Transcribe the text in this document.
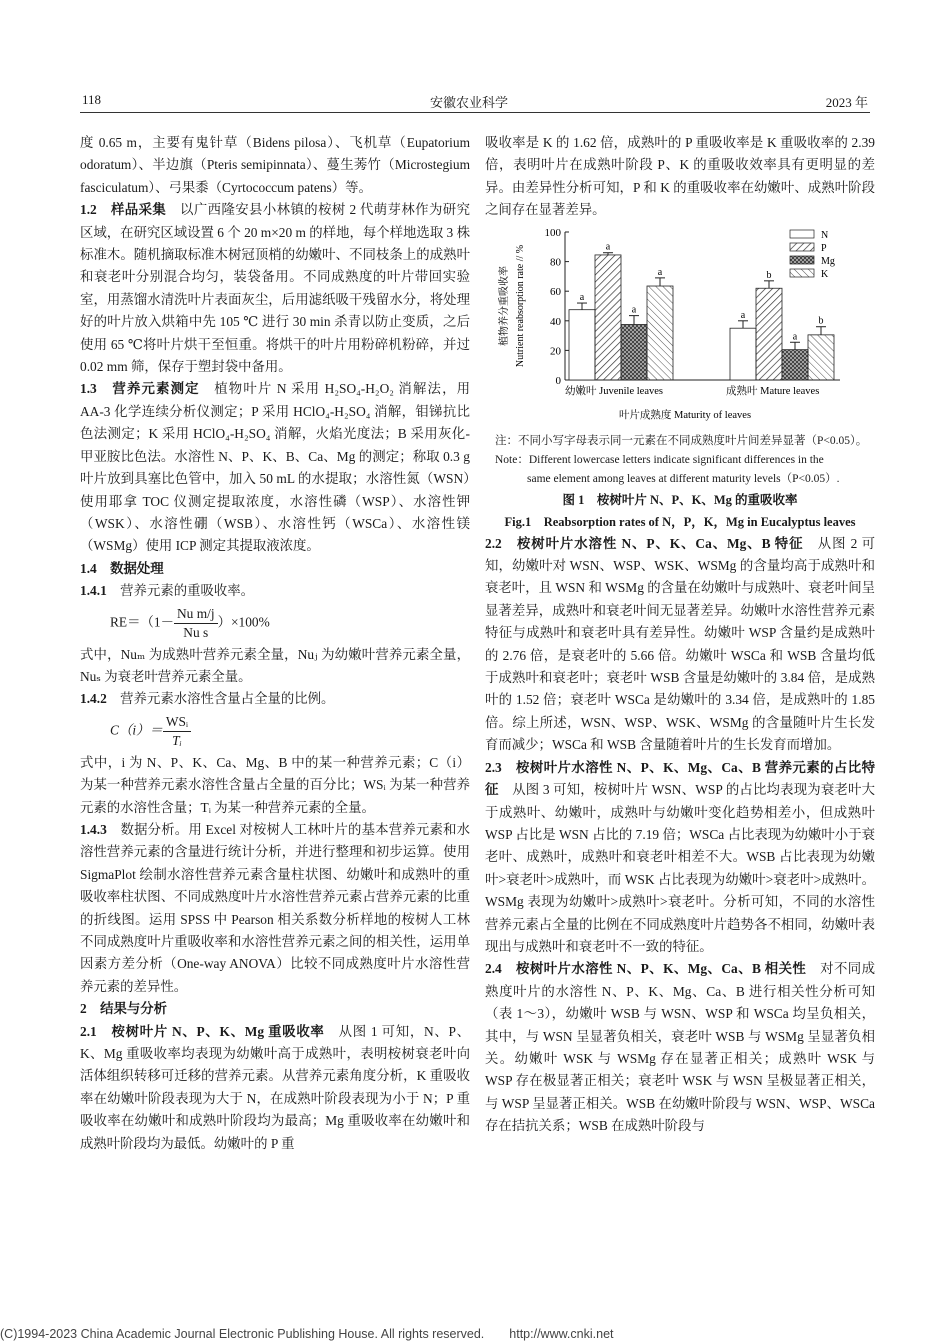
118	安徽农业科学	2023 年

度 0.65 m，主要有鬼针草（Bidens pilosa）、飞机草（Eupatorium odoratum）、半边旗（Pteris semipinnata）、蔓生莠竹（Microstegium fasciculatum）、弓果黍（Cyrtococcum patens）等。

1.2　样品采集　 以广西隆安县小林镇的桉树 2 代萌芽林作为研究区域，在研究区域设置 6 个 20 m×20 m 的样地，每个样地选取 3 株标准木。随机摘取标准木树冠顶梢的幼嫩叶、不同枝条上的成熟叶和衰老叶分别混合均匀，装袋备用。不同成熟度的叶片带回实验室，用蒸馏水清洗叶片表面灰尘，后用滤纸吸干残留水分，将处理好的叶片放入烘箱中先 105 ℃ 进行 30 min 杀青以防止变质，之后使用 65 ℃将叶片烘干至恒重。将烘干的叶片用粉碎机粉碎，并过 0.02 mm 筛，保存于塑封袋中备用。

1.3　营养元素测定　 植物叶片 N 采用 H₂SO₄-H₂O₂ 消解法，用 AA-3 化学连续分析仪测定；P 采用 HClO₄-H₂SO₄ 消解，钼锑抗比色法测定；K 采用 HClO₄-H₂SO₄ 消解，火焰光度法；B 采用灰化-甲亚胺比色法。水溶性 N、P、K、B、Ca、Mg 的测定；称取 0.3 g 叶片放到具塞比色管中，加入 50 mL 的水提取；水溶性氮（WSN）使用耶拿 TOC 仪测定提取浓度，水溶性磷（WSP）、水溶性钾（WSK）、水溶性硼（WSB）、水溶性钙（WSCa）、水溶性镁（WSMg）使用 ICP 测定其提取液浓度。

1.4　数据处理

1.4.1　 营养元素的重吸收率。

$RE=(1- \frac{\text{Nu m/j}}{\text{Nu s}} )\times 100\%$

式中，Nuₘ 为成熟叶营养元素全量，Nuⱼ 为幼嫩叶营养元素全量，Nuₛ 为衰老叶营养元素全量。

1.4.2　 营养元素水溶性含量占全量的比例。

$C(i)= \frac{\text{WSᵢ}}{\text{Tᵢ}}$

式中，i 为 N、P、K、Ca、Mg、B 中的某一种营养元素；C（i）为某一种营养元素水溶性含量占全量的百分比；WSᵢ 为某一种营养元素的水溶性含量；Tᵢ 为某一种营养元素的全量。

1.4.3　 数据分析。用 Excel 对桉树人工林叶片的基本营养元素和水溶性营养元素的含量进行统计分析，并进行整理和初步运算。使用 SigmaPlot 绘制水溶性营养元素含量柱状图、幼嫩叶和成熟叶的重吸收率柱状图、不同成熟度叶片水溶性营养元素占营养元素的比重的折线图。运用 SPSS 中 Pearson 相关系数分析样地的桉树人工林不同成熟度叶片重吸收率和水溶性营养元素之间的相关性，运用单因素方差分析（One-way ANOVA）比较不同成熟度叶片水溶性营养元素的差异性。

2　结果与分析

2.1　桉树叶片 N、P、K、Mg 重吸收率　 从图 1 可知，N、P、K、Mg 重吸收率均表现为幼嫩叶高于成熟叶，表明桉树衰老叶向活体组织转移可迁移的营养元素。从营养元素角度分析，K 重吸收率在幼嫩叶阶段表现为大于 N，在成熟叶阶段表现为小于 N；P 重吸收率在幼嫩叶和成熟叶阶段均为最高；Mg 重吸收率在幼嫩叶和成熟叶阶段均为最低。幼嫩叶的 P 重

吸收率是 K 的 1.62 倍，成熟叶的 P 重吸收率是 K 重吸收率的 2.39 倍，表明叶片在成熟叶阶段 P、K 的重吸收效率具有更明显的差异。由差异性分析可知，P 和 K 的重吸收率在幼嫩叶、成熟叶阶段之间存在显著差异。

0
20
40
60
80
100
a
a
a
b
a
a
a
b
幼嫩叶 Juvenile leaves	成熟叶 Mature leaves
叶片成熟度 Maturity of leaves
植物养分重吸收率 Nutrient reabsorption rate // %
N
P
Mg
K
注：不同小写字母表示同一元素在不同成熟度叶片间差异显著（P<0.05）。
Note：Different lowercase letters indicate significant differences in the
same element among leaves at different maturity levels（P<0.05）.
图 1　桉树叶片 N、P、K、Mg 的重吸收率
Fig.1　Reabsorption rates of N，P，K，Mg in Eucalyptus leaves

2.2　桉树叶片水溶性 N、P、K、Ca、Mg、B 特征　 从图 2 可知，幼嫩叶对 WSN、WSP、WSK、WSMg 的含量均高于成熟叶和衰老叶，且 WSN 和 WSMg 的含量在幼嫩叶与成熟叶、衰老叶间呈显著差异，成熟叶和衰老叶间无显著差异。幼嫩叶水溶性营养元素特征与成熟叶和衰老叶具有差异性。幼嫩叶 WSP 含量约是成熟叶的 2.76 倍，是衰老叶的 5.66 倍。幼嫩叶 WSCa 和 WSB 含量均低于成熟叶和衰老叶；衰老叶 WSB 含量是幼嫩叶的 3.84 倍，是成熟叶的 1.52 倍；衰老叶 WSCa 是幼嫩叶的 3.34 倍，是成熟叶的 1.85 倍。综上所述，WSN、WSP、WSK、WSMg 的含量随叶片生长发育而减少；WSCa 和 WSB 含量随着叶片的生长发育而增加。

2.3　桉树叶片水溶性 N、P、K、Mg、Ca、B 营养元素的占比特征　 从图 3 可知，桉树叶片 WSN、WSP 的占比均表现为衰老叶大于成熟叶、幼嫩叶，成熟叶与幼嫩叶变化趋势相差小，但成熟叶 WSP 占比是 WSN 占比的 7.19 倍；WSCa 占比表现为幼嫩叶小于衰老叶、成熟叶，成熟叶和衰老叶相差不大。WSB 占比表现为幼嫩叶>衰老叶>成熟叶，而 WSK 占比表现为幼嫩叶>衰老叶>成熟叶。WSMg 表现为幼嫩叶>成熟叶>衰老叶。分析可知，不同的水溶性营养元素占全量的比例在不同成熟度叶片趋势各不相同，幼嫩叶表现出与成熟叶和衰老叶不一致的特征。

2.4　桉树叶片水溶性 N、P、K、Mg、Ca、B 相关性　 对不同成熟度叶片的水溶性 N、P、K、Mg、Ca、B 进行相关性分析可知（表 1～3），幼嫩叶 WSB 与 WSN、WSP 和 WSCa 均呈负相关，其中，与 WSN 呈显著负相关，衰老叶 WSB 与 WSMg 呈显著负相关。幼嫩叶 WSK 与 WSMg 存在显著正相关；成熟叶 WSK 与 WSP 存在极显著正相关；衰老叶 WSK 与 WSN 呈极显著正相关，与 WSP 呈显著正相关。WSB 在幼嫩叶阶段与 WSN、WSP、WSCa 存在拮抗关系；WSB 在成熟叶阶段与

(C)1994-2023 China Academic Journal Electronic Publishing House. All rights reserved.　　http://www.cnki.net
